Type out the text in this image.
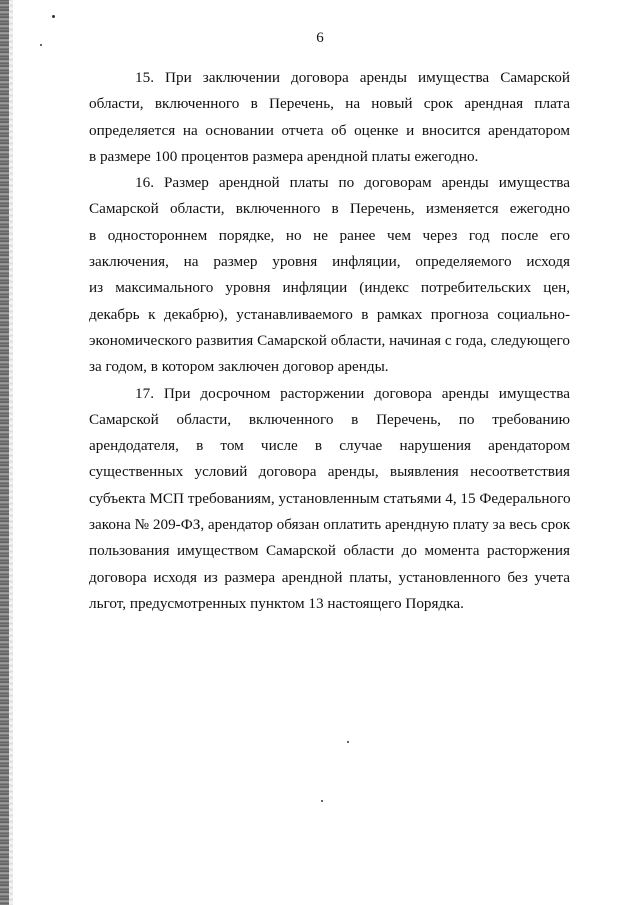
6
15. При заключении договора аренды имущества Самарской
области, включенного в Перечень, на новый срок арендная плата
определяется на основании отчета об оценке и вносится арендатором
в размере 100 процентов размера арендной платы ежегодно.
16. Размер арендной платы по договорам аренды имущества
Самарской области, включенного в Перечень, изменяется ежегодно
в одностороннем порядке, но не ранее чем через год после его
заключения, на размер уровня инфляции, определяемого исходя
из максимального уровня инфляции (индекс потребительских цен,
декабрь к декабрю), устанавливаемого в рамках прогноза социально-
экономического развития Самарской области, начиная с года, следующего
за годом, в котором заключен договор аренды.
17. При досрочном расторжении договора аренды имущества
Самарской области, включенного в Перечень, по требованию
арендодателя, в том числе в случае нарушения арендатором
существенных условий договора аренды, выявления несоответствия
субъекта МСП требованиям, установленным статьями 4, 15 Федерального
закона № 209-ФЗ, арендатор обязан оплатить арендную плату за весь срок
пользования имуществом Самарской области до момента расторжения
договора исходя из размера арендной платы, установленного без учета
льгот, предусмотренных пунктом 13 настоящего Порядка.
